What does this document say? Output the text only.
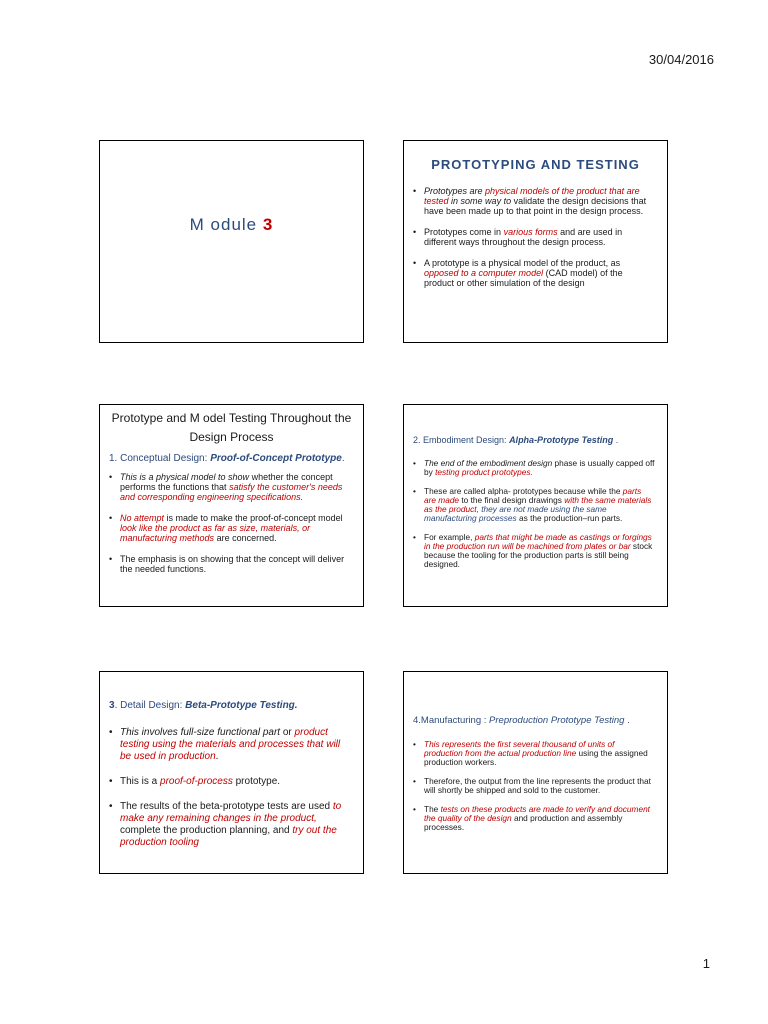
30/04/2016
M odule 3
PROTOTYPING AND TESTING
• Prototypes are physical models of the product that are tested in some way to validate the design decisions that have been made up to that point in the design process.
• Prototypes come in various forms and are used in different ways throughout the design process.
• A prototype is a physical model of the product, as opposed to a computer model (CAD model) of the product or other simulation of the design
Prototype and M odel Testing Throughout the Design Process
1. Conceptual Design: Proof-of-Concept Prototype.
• This is a physical model to show whether the concept performs the functions that satisfy the customer's needs and corresponding engineering specifications.
• No attempt is made to make the proof-of-concept model look like the product as far as size, materials, or manufacturing methods are concerned.
• The emphasis is on showing that the concept will deliver the needed functions.
2. Embodiment Design: Alpha-Prototype Testing .
• The end of the embodiment design phase is usually capped off by testing product prototypes.
• These are called alpha- prototypes because while the parts are made to the final design drawings with the same materials as the product, they are not made using the same manufacturing processes as the production–run parts.
• For example, parts that might be made as castings or forgings in the production run will be machined from plates or bar stock because the tooling for the production parts is still being designed.
3. Detail Design: Beta-Prototype Testing.
• This involves full-size functional part or product testing using the materials and processes that will be used in production.
• This is a proof-of-process prototype.
• The results of the beta-prototype tests are used to make any remaining changes in the product, complete the production planning, and try out the production tooling
4.Manufacturing : Preproduction Prototype Testing .
• This represents the first several thousand of units of production from the actual production line using the assigned production workers.
• Therefore, the output from the line represents the product that will shortly be shipped and sold to the customer.
• The tests on these products are made to verify and document the quality of the design and production and assembly processes.
1
